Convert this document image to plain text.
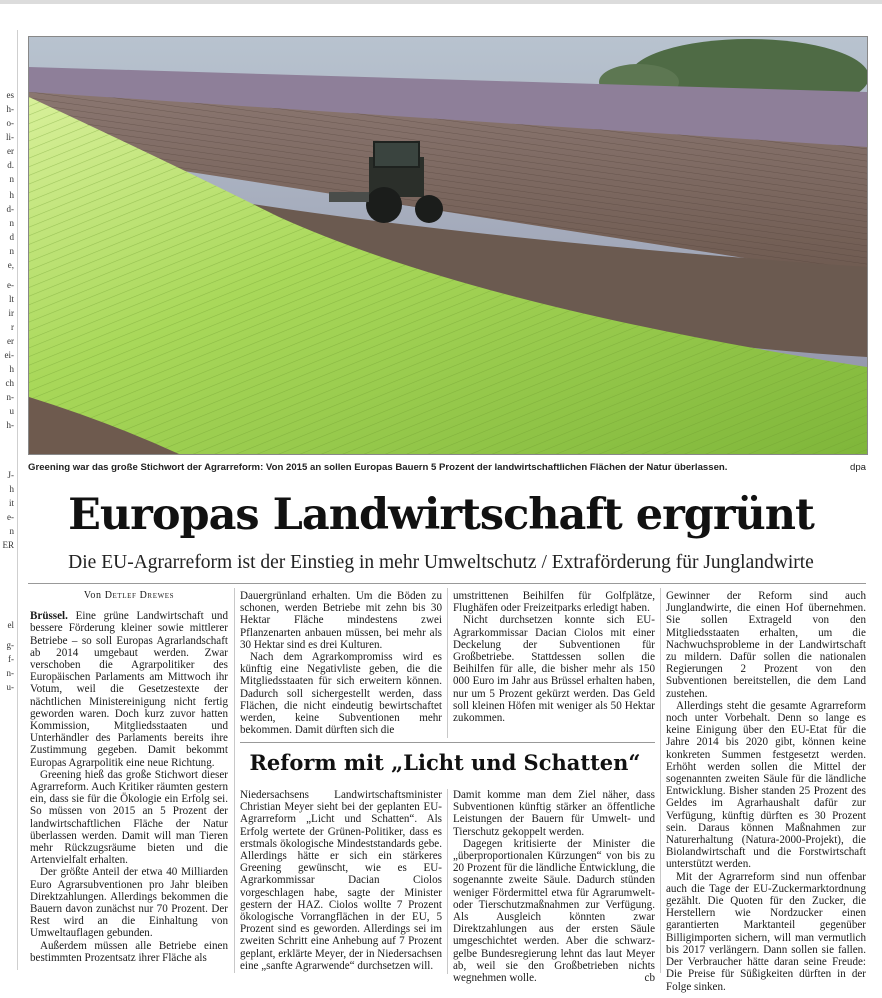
es
h-
o-
li-
er
d.
n
h
d-
n
d
n
e,
e-
lt
ir
r
er
ei-
h
ch
n-
u
h-
J-
h
it
e-
n
ER
el
g-
f-
n-
u-
Greening war das große Stichwort der Agrarreform: Von 2015 an sollen Europas Bauern 5 Prozent der landwirtschaftlichen Flächen der Natur überlassen.	dpa
Europas Landwirtschaft ergrünt
Die EU-Agrarreform ist der Einstieg in mehr Umweltschutz / Extraförderung für Junglandwirte
Von Detlef Drewes

Brüssel. Eine grüne Landwirtschaft und bessere Förderung kleiner sowie mittlerer Betriebe – so soll Europas Agrarlandschaft ab 2014 umgebaut werden. Zwar verschoben die Agrarpolitiker des Europäischen Parlaments am Mittwoch ihr Votum, weil die Gesetzestexte der nächtlichen Ministereinigung nicht fertig geworden waren. Doch kurz zuvor hatten Kommission, Mitgliedsstaaten und Unterhändler des Parlaments bereits ihre Zustimmung gegeben. Damit bekommt Europas Agrarpolitik eine neue Richtung.

Greening hieß das große Stichwort dieser Agrarreform. Auch Kritiker räumten gestern ein, dass sie für die Ökologie ein Erfolg sei. So müssen von 2015 an 5 Prozent der landwirtschaftlichen Fläche der Natur überlassen werden. Damit will man Tieren mehr Rückzugsräume bieten und die Artenvielfalt erhalten.

Der größte Anteil der etwa 40 Milliarden Euro Agrarsubventionen pro Jahr bleiben Direktzahlungen. Allerdings bekommen die Bauern davon zunächst nur 70 Prozent. Der Rest wird an die Einhaltung von Umweltauflagen gebunden.

Außerdem müssen alle Betriebe einen bestimmten Prozentsatz ihrer Fläche als

Dauergrünland erhalten. Um die Böden zu schonen, werden Betriebe mit zehn bis 30 Hektar Fläche mindestens zwei Pflanzenarten anbauen müssen, bei mehr als 30 Hektar sind es drei Kulturen.

Nach dem Agrarkompromiss wird es künftig eine Negativliste geben, die die Mitgliedsstaaten für sich erweitern können. Dadurch soll sichergestellt werden, dass Flächen, die nicht eindeutig bewirtschaftet werden, keine Subventionen mehr bekommen. Damit dürften sich die

umstrittenen Beihilfen für Golfplätze, Flughäfen oder Freizeitparks erledigt haben.

Nicht durchsetzen konnte sich EU-Agrarkommissar Dacian Ciolos mit einer Deckelung der Subventionen für Großbetriebe. Stattdessen sollen die Beihilfen für alle, die bisher mehr als 150 000 Euro im Jahr aus Brüssel erhalten haben, nur um 5 Prozent gekürzt werden. Das Geld soll kleinen Höfen mit weniger als 50 Hektar zukommen.

Gewinner der Reform sind auch Junglandwirte, die einen Hof übernehmen. Sie sollen Extrageld von den Mitgliedsstaaten erhalten, um die Nachwuchsprobleme in der Landwirtschaft zu mildern. Dafür sollen die nationalen Regierungen 2 Prozent von den Subventionen bereitstellen, die dem Land zustehen.

Allerdings steht die gesamte Agrarreform noch unter Vorbehalt. Denn so lange es keine Einigung über den EU-Etat für die Jahre 2014 bis 2020 gibt, können keine konkreten Summen festgesetzt werden. Erhöht werden sollen die Mittel der sogenannten zweiten Säule für die ländliche Entwicklung. Bisher standen 25 Prozent des Geldes im Agrarhaushalt dafür zur Verfügung, künftig dürften es 30 Prozent sein. Daraus können Maßnahmen zur Naturerhaltung (Natura-2000-Projekt), die Biolandwirtschaft und die Forstwirtschaft unterstützt werden.

Mit der Agrarreform sind nun offenbar auch die Tage der EU-Zuckermarktordnung gezählt. Die Quoten für den Zucker, die Herstellern wie Nordzucker einen garantierten Marktanteil gegenüber Billigimporten sichern, will man vermutlich bis 2017 verlängern. Dann sollen sie fallen. Der Verbraucher hätte daran seine Freude: Die Preise für Süßigkeiten dürften in der Folge sinken.

Reform mit „Licht und Schatten“

Niedersachsens Landwirtschaftsminister Christian Meyer sieht bei der geplanten EU-Agrarreform „Licht und Schatten“. Als Erfolg wertete der Grünen-Politiker, dass es erstmals ökologische Mindeststandards gebe. Allerdings hätte er sich ein stärkeres Greening gewünscht, wie es EU-Agrarkommissar Dacian Ciolos vorgeschlagen habe, sagte der Minister gestern der HAZ. Ciolos wollte 7 Prozent ökologische Vorrangflächen in der EU, 5 Prozent sind es geworden. Allerdings sei im zweiten Schritt eine Anhebung auf 7 Prozent geplant, erklärte Meyer, der in Niedersachsen eine „sanfte Agrarwende“ durchsetzen will.

Damit komme man dem Ziel näher, dass Subventionen künftig stärker an öffentliche Leistungen der Bauern für Umwelt- und Tierschutz gekoppelt werden.

Dagegen kritisierte der Minister die „überproportionalen Kürzungen“ von bis zu 20 Prozent für die ländliche Entwicklung, die sogenannte zweite Säule. Dadurch stünden weniger Fördermittel etwa für Agrarumwelt- oder Tierschutzmaßnahmen zur Verfügung. Als Ausgleich könnten zwar Direktzahlungen aus der ersten Säule umgeschichtet werden. Aber die schwarz-gelbe Bundesregierung lehnt das laut Meyer ab, weil sie den Großbetrieben nichts wegnehmen wolle.	cb
